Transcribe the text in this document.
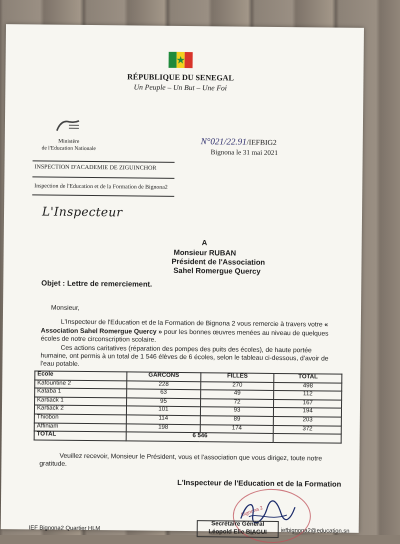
RÉPUBLIQUE DU SENEGAL
Un Peuple – Un But – Une Foi
Ministère
de l'Education Nationale
INSPECTION D'ACADEMIE DE ZIGUINCHOR
Inspection de l'Education et de la Formation de Bignona2
N°021/22.91/IEFBIG2
Bignona le 31 mai 2021
L'Inspecteur
A
Monsieur RUBAN
Président de l'Association
Sahel Romergue Quercy
Objet : Lettre de remerciement.
Monsieur,
L'Inspecteur de l'Education et de la Formation de Bignona 2 vous remercie à travers votre « Association Sahel Romergue Quercy » pour les bonnes œuvres menées au niveau de quelques écoles de notre circonscription scolaire.
Ces actions caritatives (réparation des pompes des puits des écoles), de haute portée humaine, ont permis à un total de 1 546 élèves de 6 écoles, selon le tableau ci-dessous, d'avoir de l'eau potable.
Ecole	GARCONS	FILLES	TOTAL
Kafountine 2	228	270	498
Kataba 1	63	49	112
Kartiack 1	95	72	167
Kartiack 2	101	93	194
Thiobon	114	89	203
Affiniam	198	174	372
TOTAL	6 546		
Veuillez recevoir, Monsieur le Président, vous et l'association que vous dirigez, toute notre gratitude.
L'Inspecteur de l'Education et de la Formation
Bignona 2
Secrétaire Général
Léopold Elie BIAGUI
IEF Bignona2 Quartier HLM	iefbignona2@education.sn
